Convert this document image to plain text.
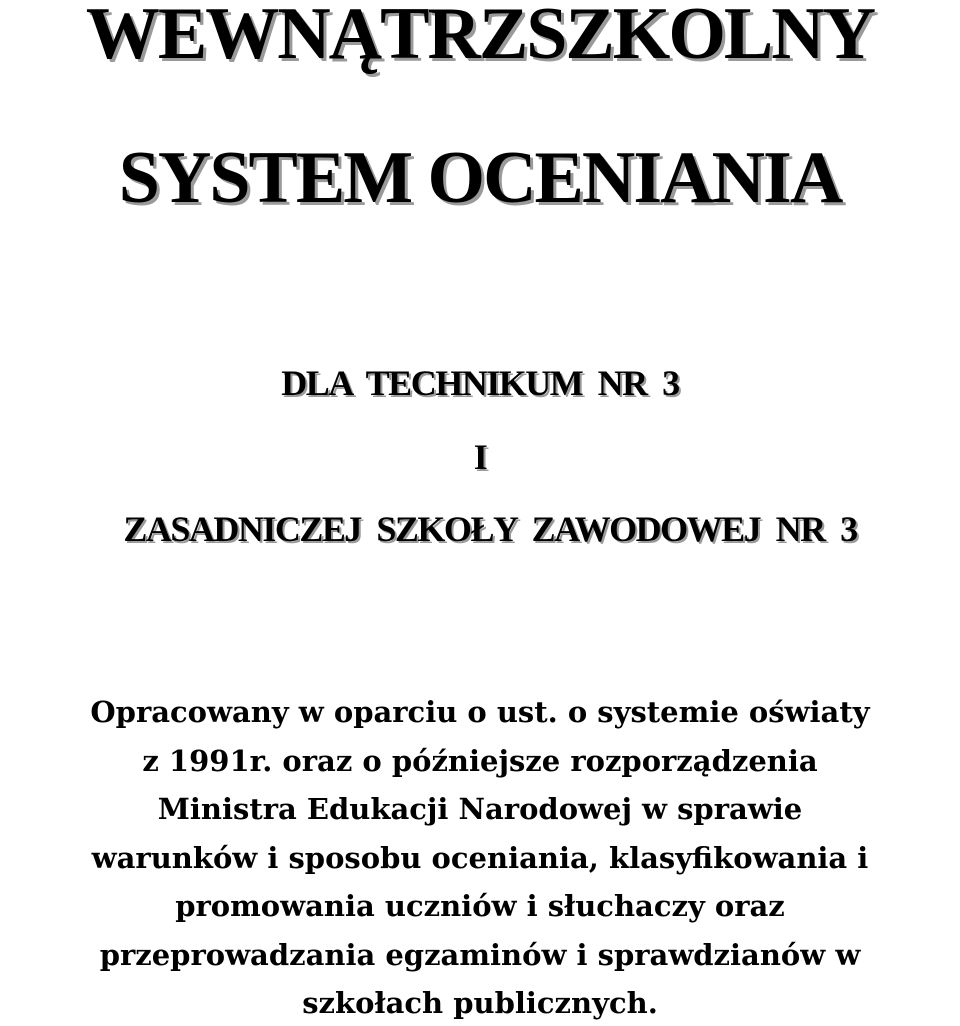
WEWNĄTRZSZKOLNY
SYSTEM OCENIANIA
DLA TECHNIKUM NR 3
I
ZASADNICZEJ SZKOŁY ZAWODOWEJ NR 3
Opracowany w oparciu o ust. o systemie oświaty
z 1991r. oraz o późniejsze rozporządzenia
Ministra Edukacji Narodowej w sprawie
warunków i sposobu oceniania, klasyfikowania i
promowania uczniów i słuchaczy oraz
przeprowadzania egzaminów i sprawdzianów w
szkołach publicznych.
